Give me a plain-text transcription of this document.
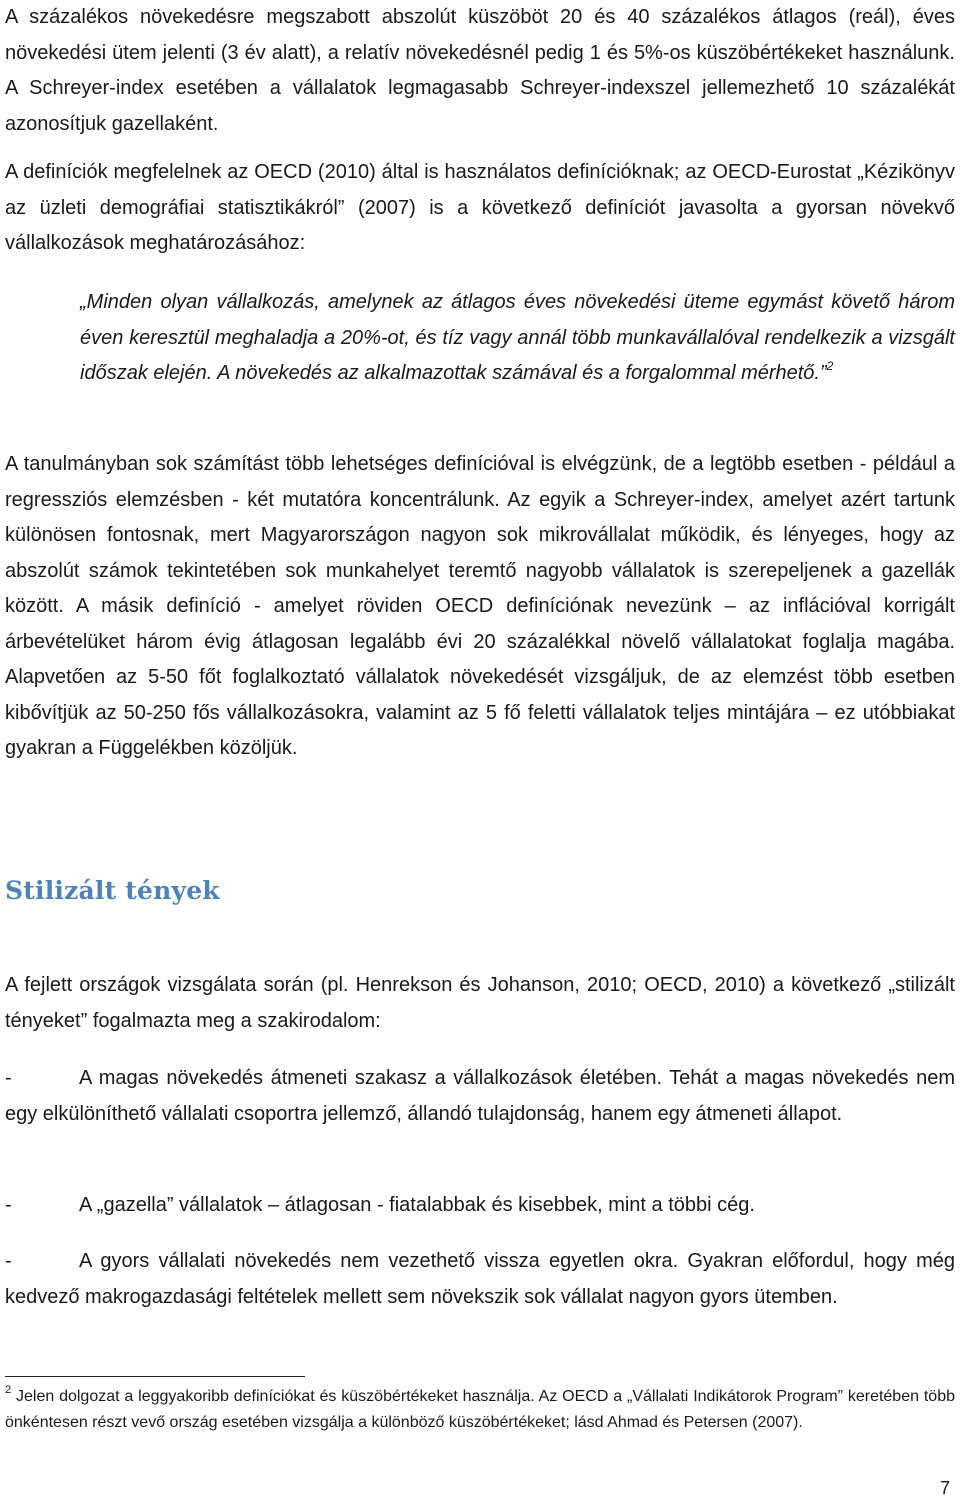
A százalékos növekedésre megszabott abszolút küszöböt 20 és 40 százalékos átlagos (reál), éves növekedési ütem jelenti (3 év alatt), a relatív növekedésnél pedig 1 és 5%-os küszöbértékeket használunk. A Schreyer-index esetében a vállalatok legmagasabb Schreyer-indexszel jellemezhető 10 százalékát azonosítjuk gazellaként.

A definíciók megfelelnek az OECD (2010) által is használatos definícióknak; az OECD-Eurostat „Kézikönyv az üzleti demográfiai statisztikákról” (2007) is a következő definíciót javasolta a gyorsan növekvő vállalkozások meghatározásához:

„Minden olyan vállalkozás, amelynek az átlagos éves növekedési üteme egymást követő három éven keresztül meghaladja a 20%-ot, és tíz vagy annál több munkavállalóval rendelkezik a vizsgált időszak elején. A növekedés az alkalmazottak számával és a forgalommal mérhető.”$^2$

A tanulmányban sok számítást több lehetséges definícióval is elvégzünk, de a legtöbb esetben - például a regressziós elemzésben - két mutatóra koncentrálunk. Az egyik a Schreyer-index, amelyet azért tartunk különösen fontosnak, mert Magyarországon nagyon sok mikrovállalat működik, és lényeges, hogy az abszolút számok tekintetében sok munkahelyet teremtő nagyobb vállalatok is szerepeljenek a gazellák között. A másik definíció - amelyet röviden OECD definíciónak nevezünk – az inflációval korrigált árbevételüket három évig átlagosan legalább évi 20 százalékkal növelő vállalatokat foglalja magába. Alapvetően az 5-50 főt foglalkoztató vállalatok növekedését vizsgáljuk, de az elemzést több esetben kibővítjük az 50-250 fős vállalkozásokra, valamint az 5 fő feletti vállalatok teljes mintájára – ez utóbbiakat gyakran a Függelékben közöljük.

Stilizált tények

A fejlett országok vizsgálata során (pl. Henrekson és Johanson, 2010; OECD, 2010) a következő „stilizált tényeket” fogalmazta meg a szakirodalom:

-	A magas növekedés átmeneti szakasz a vállalkozások életében. Tehát a magas növekedés nem egy elkülöníthető vállalati csoportra jellemző, állandó tulajdonság, hanem egy átmeneti állapot.

-	A „gazella” vállalatok – átlagosan - fiatalabbak és kisebbek, mint a többi cég.

-	A gyors vállalati növekedés nem vezethető vissza egyetlen okra. Gyakran előfordul, hogy még kedvező makrogazdasági feltételek mellett sem növekszik sok vállalat nagyon gyors ütemben.

$^2$ Jelen dolgozat a leggyakoribb definíciókat és küszöbértékeket használja. Az OECD a „Vállalati Indikátorok Program” keretében több önkéntesen részt vevő ország esetében vizsgálja a különböző küszöbértékeket; lásd Ahmad és Petersen (2007).
7
